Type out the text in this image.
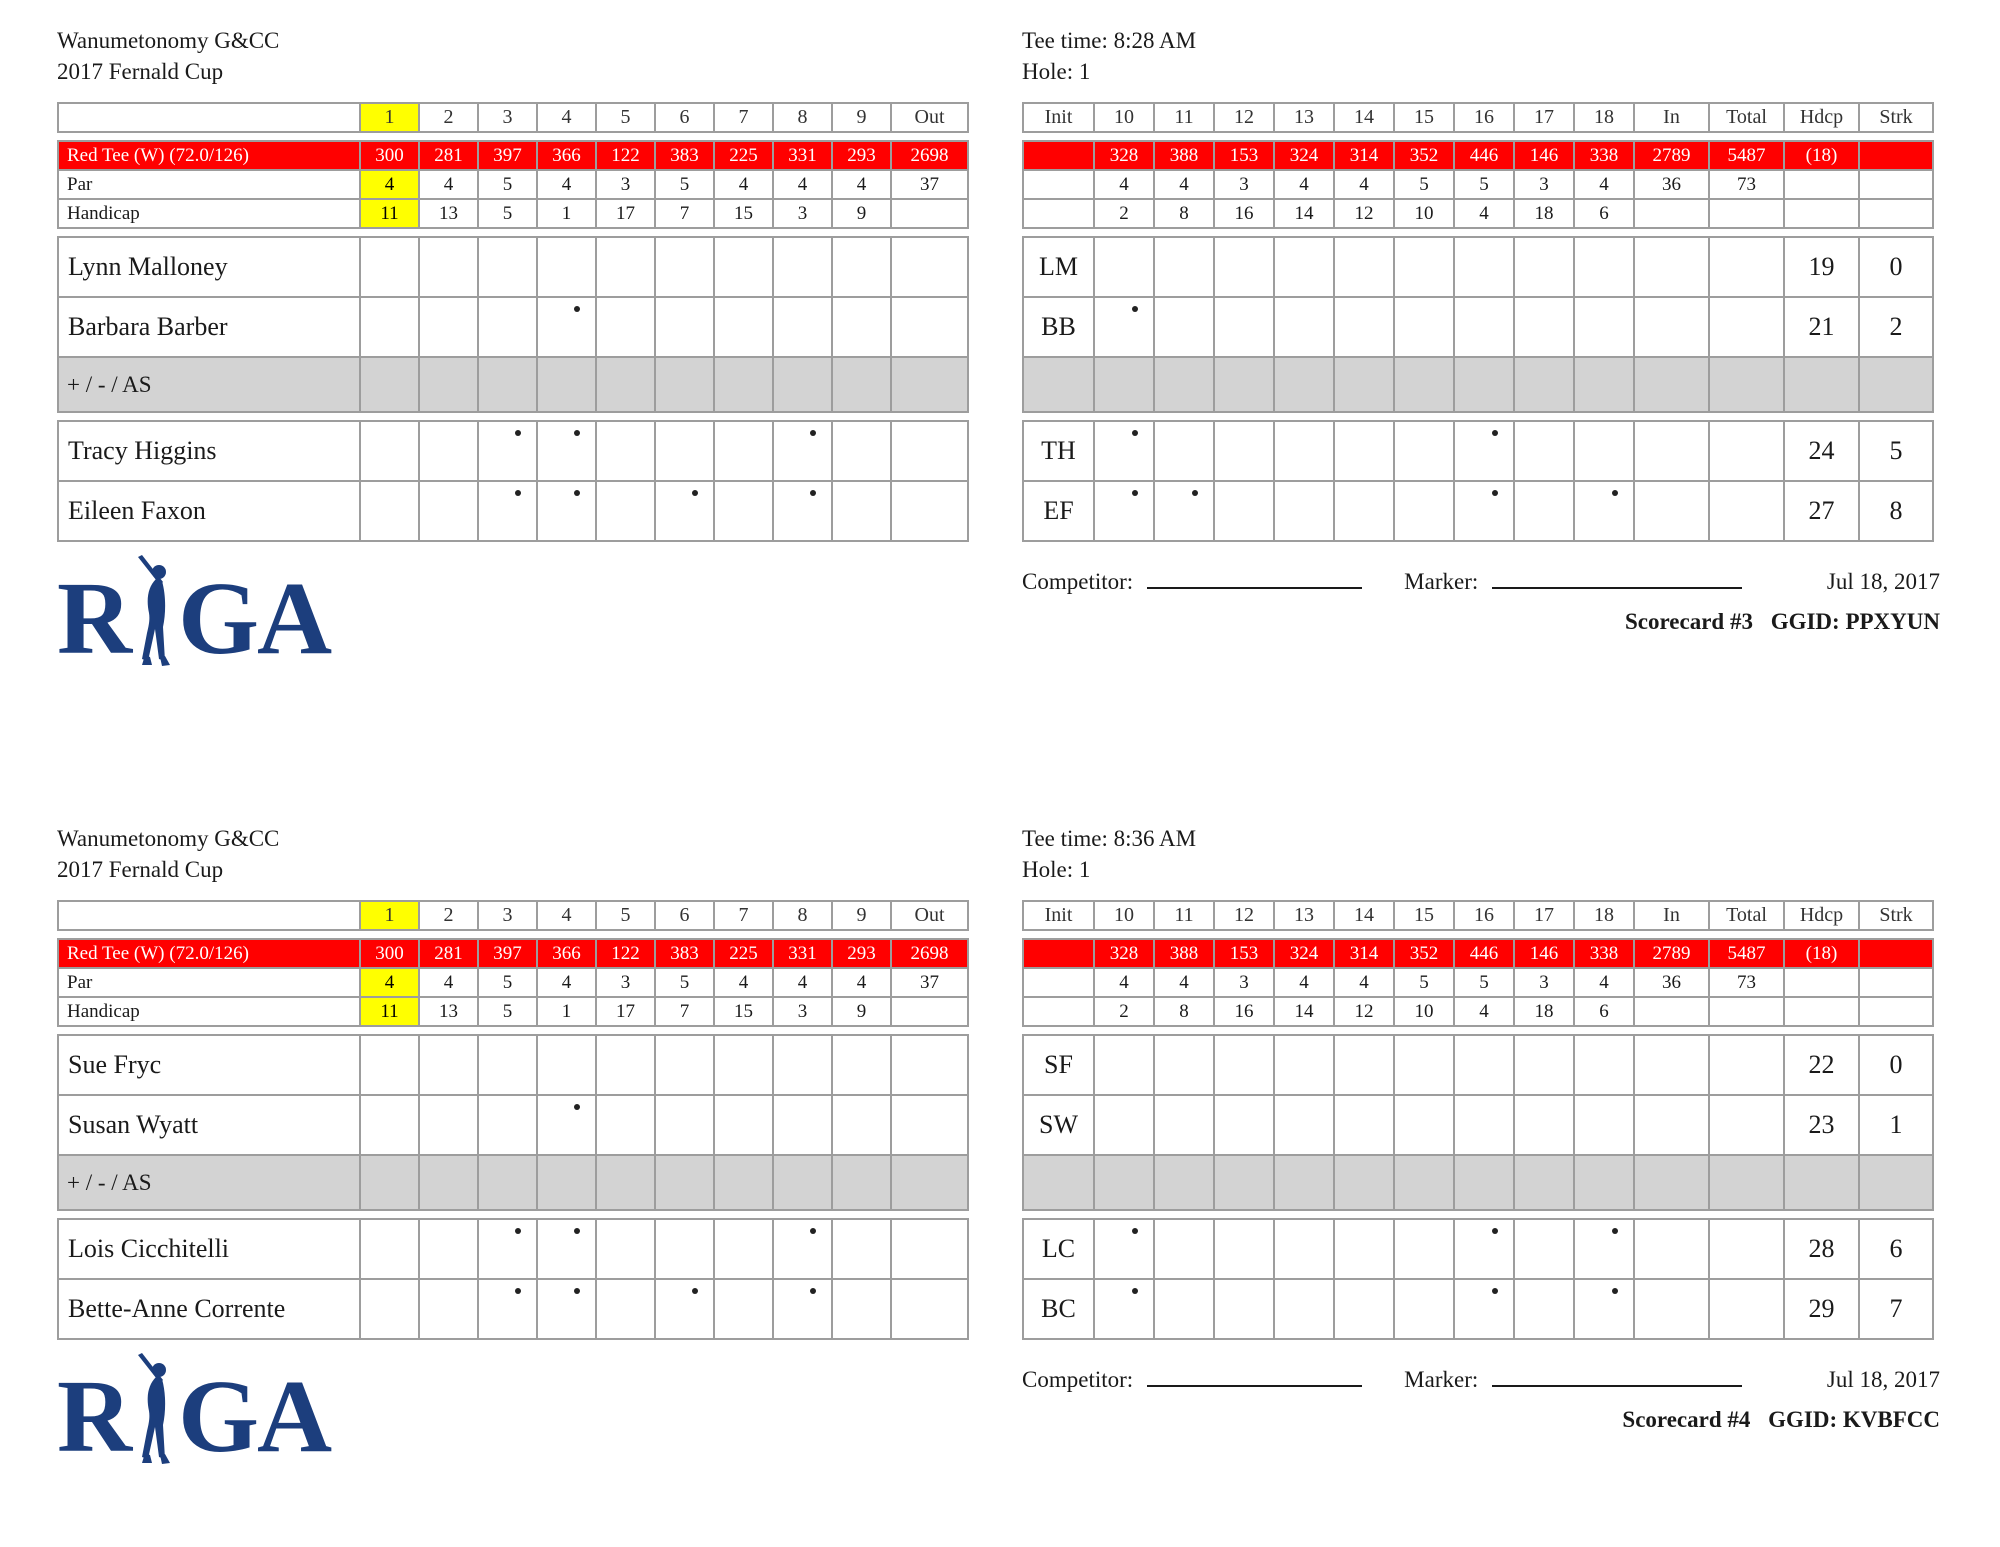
Wanumetonomy G&CC
2017 Fernald Cup
Tee time: 8:28 AM
Hole: 1
	1	2	3	4	5	6	7	8	9	Out
Red Tee (W) (72.0/126)	300	281	397	366	122	383	225	331	293	2698
Par	4	4	5	4	3	5	4	4	4	37
Handicap	11	13	5	1	17	7	15	3	9	
Lynn Malloney										
Barbara Barber				

+ / - / AS										
Tracy Higgins			

Eileen Faxon			

Init	10	11	12	13	14	15	16	17	18	In	Total	Hdcp	Strk
	328	388	153	324	314	352	446	146	338	2789	5487	(18)	
	4	4	3	4	4	5	5	3	4	36	73		
	2	8	16	14	12	10	4	18	6				
LM												19	0
BB												21	2

TH												24	5
EF												27	8
R GA	Competitor:	Marker:	Jul 18, 2017
Scorecard #3 GGID: PPXYUN
Wanumetonomy G&CC
2017 Fernald Cup
Tee time: 8:36 AM
Hole: 1
	1	2	3	4	5	6	7	8	9	Out
Red Tee (W) (72.0/126)	300	281	397	366	122	383	225	331	293	2698
Par	4	4	5	4	3	5	4	4	4	37
Handicap	11	13	5	1	17	7	15	3	9	
Sue Fryc										
Susan Wyatt				

+ / - / AS										
Lois Cicchitelli			

Bette-Anne Corrente			

Init	10	11	12	13	14	15	16	17	18	In	Total	Hdcp	Strk
	328	388	153	324	314	352	446	146	338	2789	5487	(18)	
	4	4	3	4	4	5	5	3	4	36	73		
	2	8	16	14	12	10	4	18	6				
SF												22	0
SW												23	1

LC												28	6
BC												29	7
R GA	Competitor:	Marker:	Jul 18, 2017
Scorecard #4 GGID: KVBFCC
